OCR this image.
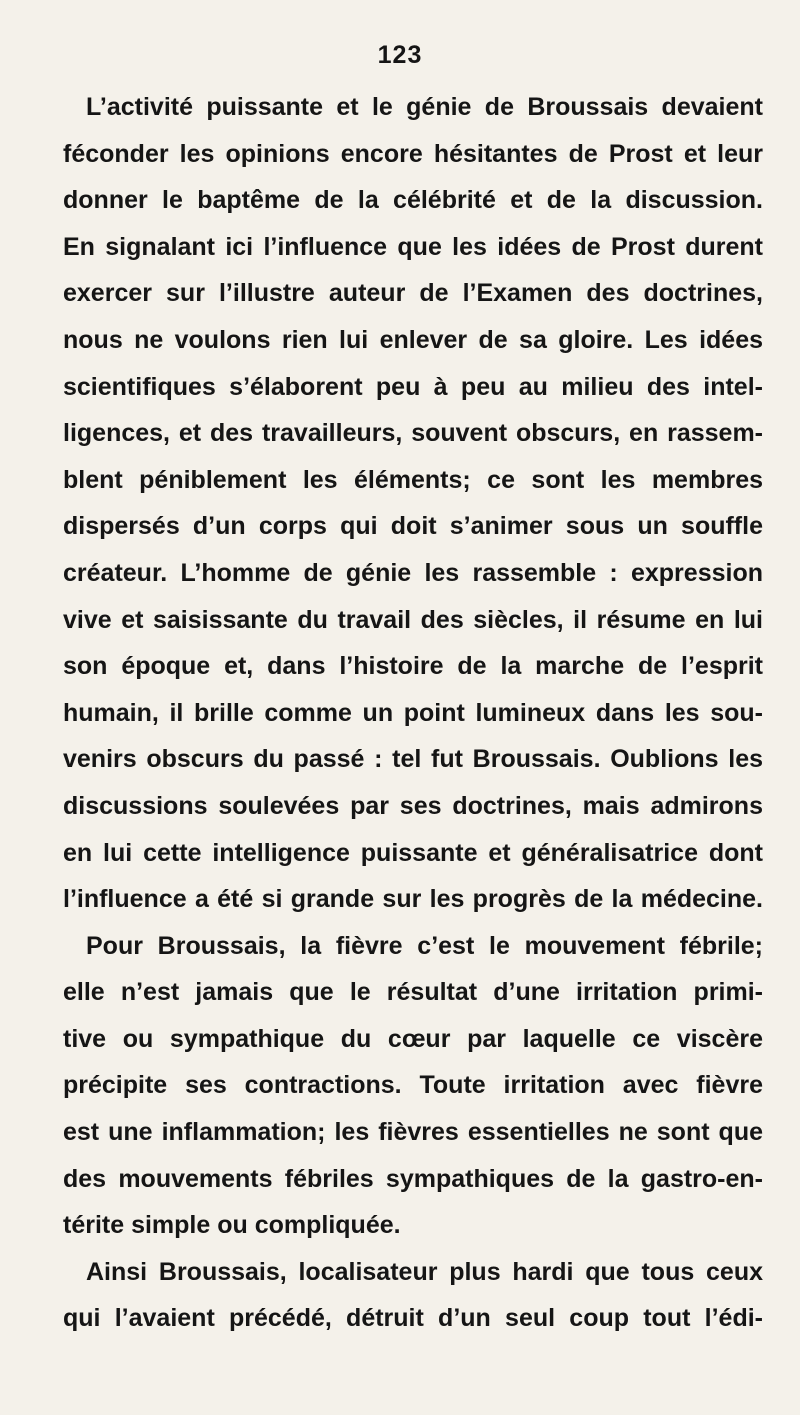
123
L’activité puissante et le génie de Broussais devaient
féconder les opinions encore hésitantes de Prost et leur
donner le baptême de la célébrité et de la discussion.
En signalant ici l’influence que les idées de Prost durent
exercer sur l’illustre auteur de l’Examen des doctrines,
nous ne voulons rien lui enlever de sa gloire. Les idées
scientifiques s’élaborent peu à peu au milieu des intel-
ligences, et des travailleurs, souvent obscurs, en rassem-
blent péniblement les éléments; ce sont les membres
dispersés d’un corps qui doit s’animer sous un souffle
créateur. L’homme de génie les rassemble : expression
vive et saisissante du travail des siècles, il résume en lui
son époque et, dans l’histoire de la marche de l’esprit
humain, il brille comme un point lumineux dans les sou-
venirs obscurs du passé : tel fut Broussais. Oublions les
discussions soulevées par ses doctrines, mais admirons
en lui cette intelligence puissante et généralisatrice dont
l’influence a été si grande sur les progrès de la médecine.
Pour Broussais, la fièvre c’est le mouvement fébrile;
elle n’est jamais que le résultat d’une irritation primi-
tive ou sympathique du cœur par laquelle ce viscère
précipite ses contractions. Toute irritation avec fièvre
est une inflammation; les fièvres essentielles ne sont que
des mouvements fébriles sympathiques de la gastro-en-
térite simple ou compliquée.
Ainsi Broussais, localisateur plus hardi que tous ceux
qui l’avaient précédé, détruit d’un seul coup tout l’édi-
